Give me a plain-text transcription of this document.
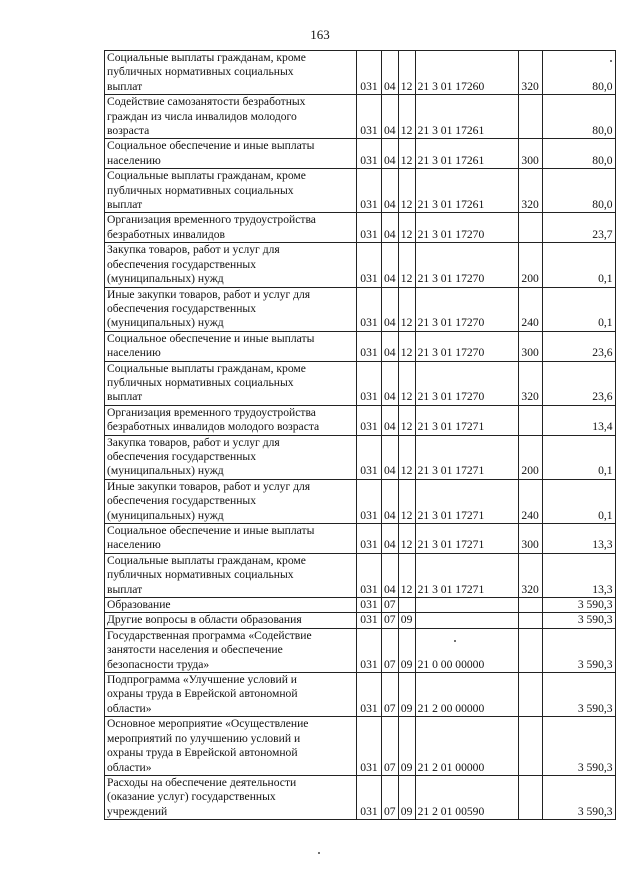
163
Социальные выплаты гражданам, кроме
публичных нормативных социальных
выплат	031	04	12	21 3 01 17260	320	80,0

Содействие самозанятости безработных
граждан из числа инвалидов молодого
возраста	031	04	12	21 3 01 17261		80,0

Социальное обеспечение и иные выплаты
населению	031	04	12	21 3 01 17261	300	80,0

Социальные выплаты гражданам, кроме
публичных нормативных социальных
выплат	031	04	12	21 3 01 17261	320	80,0

Организация временного трудоустройства
безработных инвалидов	031	04	12	21 3 01 17270		23,7

Закупка товаров, работ и услуг для
обеспечения государственных
(муниципальных) нужд	031	04	12	21 3 01 17270	200	0,1

Иные закупки товаров, работ и услуг для
обеспечения государственных
(муниципальных) нужд	031	04	12	21 3 01 17270	240	0,1

Социальное обеспечение и иные выплаты
населению	031	04	12	21 3 01 17270	300	23,6

Социальные выплаты гражданам, кроме
публичных нормативных социальных
выплат	031	04	12	21 3 01 17270	320	23,6

Организация временного трудоустройства
безработных инвалидов молодого возраста	031	04	12	21 3 01 17271		13,4

Закупка товаров, работ и услуг для
обеспечения государственных
(муниципальных) нужд	031	04	12	21 3 01 17271	200	0,1

Иные закупки товаров, работ и услуг для
обеспечения государственных
(муниципальных) нужд	031	04	12	21 3 01 17271	240	0,1

Социальное обеспечение и иные выплаты
населению	031	04	12	21 3 01 17271	300	13,3

Социальные выплаты гражданам, кроме
публичных нормативных социальных
выплат	031	04	12	21 3 01 17271	320	13,3

Образование	031	07				3 590,3

Другие вопросы в области образования	031	07	09			3 590,3

Государственная программа «Содействие
занятости населения и обеспечение
безопасности труда»	031	07	09	21 0 00 00000		3 590,3

Подпрограмма «Улучшение условий и
охраны труда в Еврейской автономной
области»	031	07	09	21 2 00 00000		3 590,3

Основное мероприятие «Осуществление
мероприятий по улучшению условий и
охраны труда в Еврейской автономной
области»	031	07	09	21 2 01 00000		3 590,3

Расходы на обеспечение деятельности
(оказание услуг) государственных
учреждений	031	07	09	21 2 01 00590		3 590,3
